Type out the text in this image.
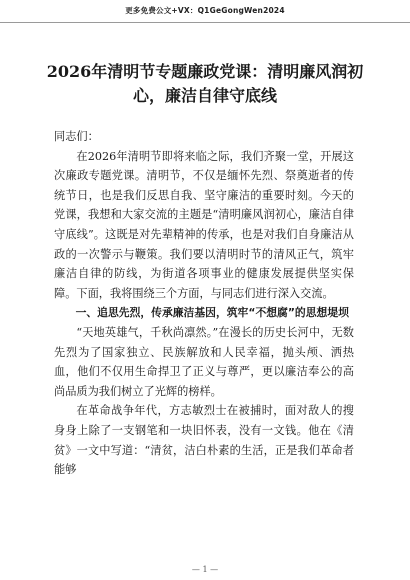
更多免费公文+VX：Q1GeGongWen2024
2026年清明节专题廉政党课：清明廉风润初心，廉洁自律守底线

同志们：

在2026年清明节即将来临之际，我们齐聚一堂，开展这次廉政专题党课。清明节，不仅是缅怀先烈、祭奠逝者的传统节日，也是我们反思自我、坚守廉洁的重要时刻。今天的党课，我想和大家交流的主题是“清明廉风润初心，廉洁自律守底线”。这既是对先辈精神的传承，也是对我们自身廉洁从政的一次警示与鞭策。我们要以清明时节的清风正气，筑牢廉洁自律的防线，为街道各项事业的健康发展提供坚实保障。下面，我将围绕三个方面，与同志们进行深入交流。

一、追思先烈，传承廉洁基因，筑牢“不想腐”的思想堤坝

“天地英雄气，千秋尚凛然。”在漫长的历史长河中，无数先烈为了国家独立、民族解放和人民幸福，抛头颅、洒热血，他们不仅用生命捍卫了正义与尊严，更以廉洁奉公的高尚品质为我们树立了光辉的榜样。

在革命战争年代，方志敏烈士在被捕时，面对敌人的搜身身上除了一支钢笔和一块旧怀表，没有一文钱。他在《清贫》一文中写道：“清贫，洁白朴素的生活，正是我们革命者能够

— 1 —
